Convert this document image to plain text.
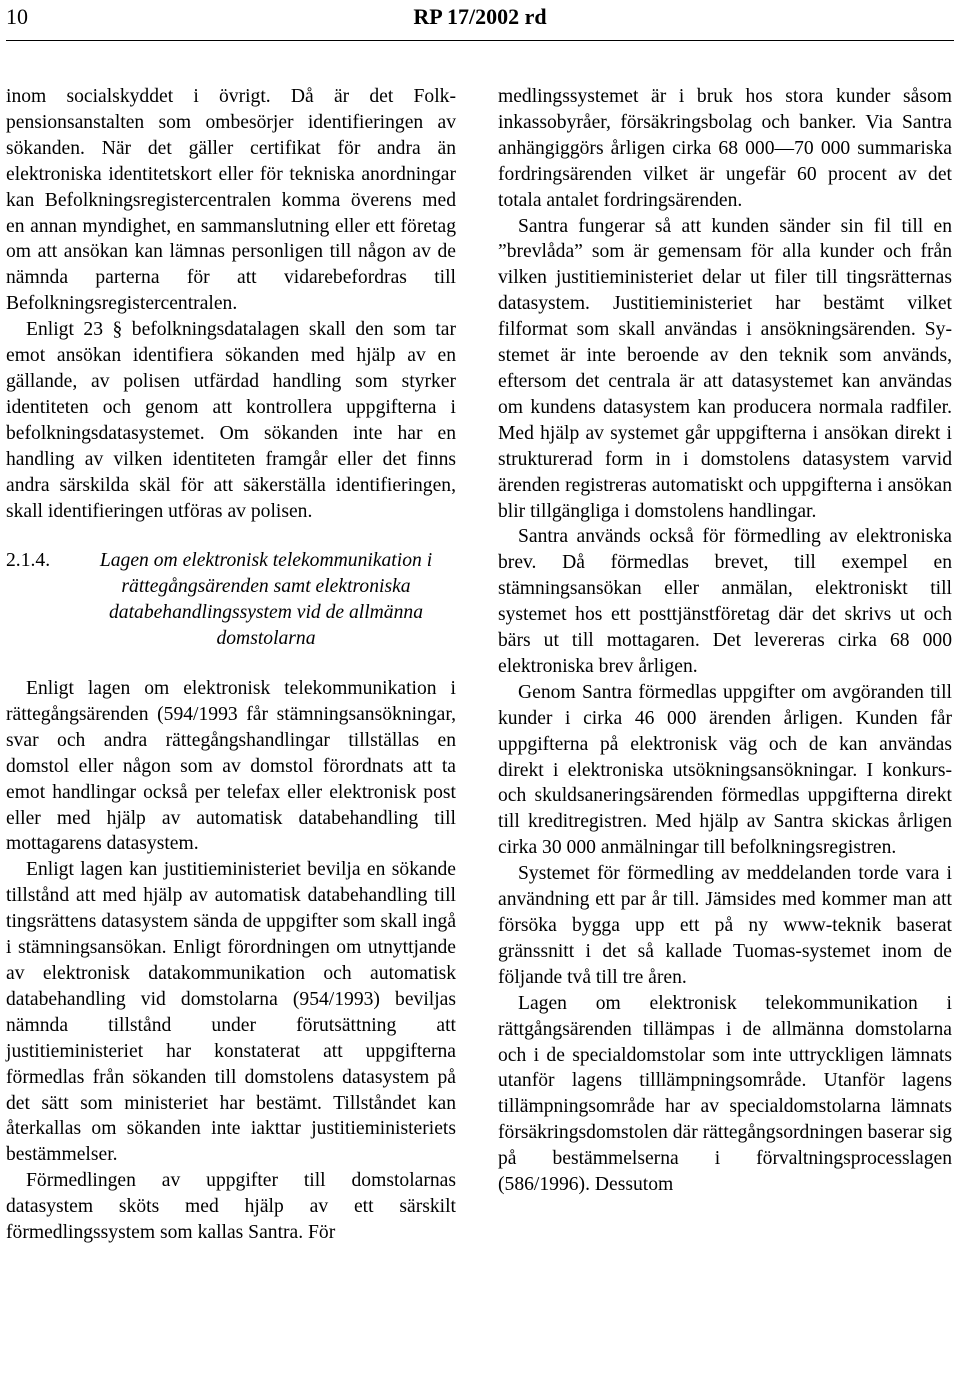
10	RP 17/2002 rd

inom socialskyddet i övrigt. Då är det Folkpensionsanstalten som ombesörjer identifieringen av sökanden. När det gäller certifikat för andra än elektroniska identitetskort eller för tekniska anordningar kan Befolkningsregistercentralen komma överens med en annan myndighet, en sammanslutning eller ett företag om att ansökan kan lämnas personligen till någon av de nämnda parterna för att vidarebefordras till Befolkningsregistercentralen.

Enligt 23 § befolkningsdatalagen skall den som tar emot ansökan identifiera sökanden med hjälp av en gällande, av polisen utfärdad handling som styrker identiteten och genom att kontrollera uppgifterna i befolkningsdatasystemet. Om sökanden inte har en handling av vilken identiteten framgår eller det finns andra särskilda skäl för att säkerställa identifieringen, skall identifieringen utföras av polisen.

2.1.4.	Lagen om elektronisk telekommunikation i rättegångsärenden samt elektroniska databehandlingssystem vid de allmänna domstolarna

Enligt lagen om elektronisk telekommunikation i rättegångsärenden (594/1993 får stämningsansökningar, svar och andra rättegångshandlingar tillställas en domstol eller någon som av domstol förordnats att ta emot handlingar också per telefax eller elektronisk post eller med hjälp av automatisk databehandling till mottagarens datasystem.

Enligt lagen kan justitieministeriet bevilja en sökande tillstånd att med hjälp av automatisk databehandling till tingsrättens datasystem sända de uppgifter som skall ingå i stämningsansökan. Enligt förordningen om utnyttjande av elektronisk datakommunikation och automatisk databehandling vid domstolarna (954/1993) beviljas nämnda tillstånd under förutsättning att justitieministeriet har konstaterat att uppgifterna förmedlas från sökanden till domstolens datasystem på det sätt som ministeriet har bestämt. Tillståndet kan återkallas om sökanden inte iakttar justitieministeriets bestämmelser.

Förmedlingen av uppgifter till domstolarnas datasystem sköts med hjälp av ett särskilt förmedlingssystem som kallas Santra. För

medlingssystemet är i bruk hos stora kunder såsom inkassobyråer, försäkringsbolag och banker. Via Santra anhängiggörs årligen cirka 68 000—70 000 summariska fordringsärenden vilket är ungefär 60 procent av det totala antalet fordringsärenden.

Santra fungerar så att kunden sänder sin fil till en ”brevlåda” som är gemensam för alla kunder och från vilken justitieministeriet delar ut filer till tingsrätternas datasystem. Justitieministeriet har bestämt vilket filformat som skall användas i ansökningsärenden. Systemet är inte beroende av den teknik som används, eftersom det centrala är att datasystemet kan användas om kundens datasystem kan producera normala radfiler. Med hjälp av systemet går uppgifterna i ansökan direkt i strukturerad form in i domstolens datasystem varvid ärenden registreras automatiskt och uppgifterna i ansökan blir tillgängliga i domstolens handlingar.

Santra används också för förmedling av elektroniska brev. Då förmedlas brevet, till exempel en stämningsansökan eller anmälan, elektroniskt till systemet hos ett posttjänstföretag där det skrivs ut och bärs ut till mottagaren. Det levereras cirka 68 000 elektroniska brev årligen.

Genom Santra förmedlas uppgifter om avgöranden till kunder i cirka 46 000 ärenden årligen. Kunden får uppgifterna på elektronisk väg och de kan användas direkt i elektroniska utsökningsansökningar. I konkurs- och skuldsaneringsärenden förmedlas uppgifterna direkt till kreditregistren. Med hjälp av Santra skickas årligen cirka 30 000 anmälningar till befolkningsregistren.

Systemet för förmedling av meddelanden torde vara i användning ett par år till. Jämsides med kommer man att försöka bygga upp ett på ny www-teknik baserat gränssnitt i det så kallade Tuomas-systemet inom de följande två till tre åren.

Lagen om elektronisk telekommunikation i rättgångsärenden tillämpas i de allmänna domstolarna och i de specialdomstolar som inte uttryckligen lämnats utanför lagens tilllämpningsområde. Utanför lagens tillämpningsområde har av specialdomstolarna lämnats försäkringsdomstolen där rättegångsordningen baserar sig på bestämmelserna i förvaltningsprocesslagen (586/1996). Dessutom
